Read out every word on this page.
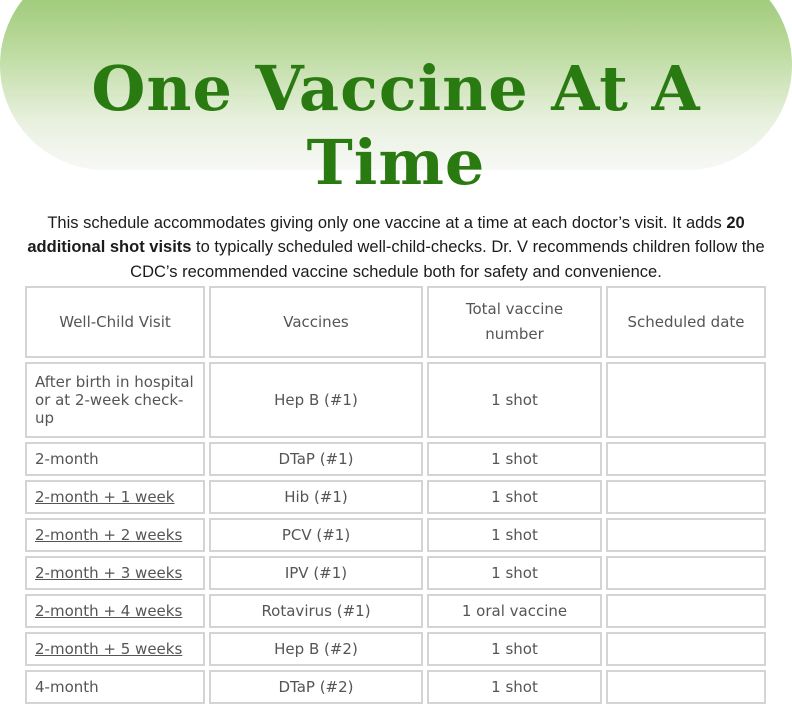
One Vaccine At A Time

This schedule accommodates giving only one vaccine at a time at each doctor’s visit. It adds 20 additional shot visits to typically scheduled well-child-checks. Dr. V recommends children follow the CDC’s recommended vaccine schedule both for safety and convenience.

Well-Child Visit	Vaccines	Total vaccine number	Scheduled date
After birth in hospital or at 2-week check-up	Hep B (#1)	1 shot	
2-month	DTaP (#1)	1 shot	
2-month + 1 week	Hib (#1)	1 shot	
2-month + 2 weeks	PCV (#1)	1 shot	
2-month + 3 weeks	IPV (#1)	1 shot	
2-month + 4 weeks	Rotavirus (#1)	1 oral vaccine	
2-month + 5 weeks	Hep B (#2)	1 shot	
4-month	DTaP (#2)	1 shot	
